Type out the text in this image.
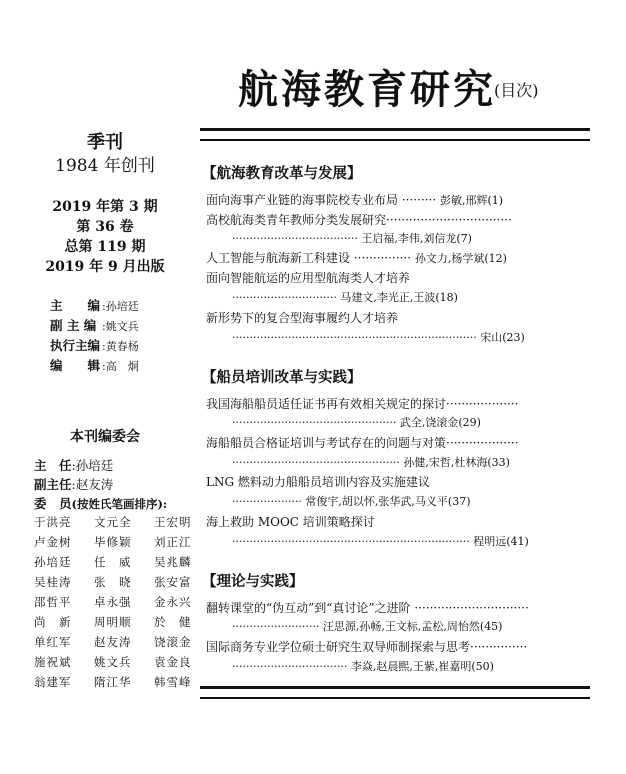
航海教育研究
(目次)
季刊
1984 年创刊
2019 年第 3 期
第 36 卷
总第 119 期
2019 年 9 月出版
主　　编 :孙培廷
副 主 编 :姚文兵
执行主编 :黄春杨
编　　辑 :高　炯
本刊编委会
主　任:孙培廷
副主任:赵友涛
委　员(按姓氏笔画排序):
于洪亮 文元全 王宏明
卢金树 毕修颖 刘正江
孙培廷 任　威 吴兆麟
吴桂涛 张　晓 张安富
邵哲平 卓永强 金永兴
尚　新 周明顺 於　健
单红军 赵友涛 饶滚金
施祝斌 姚文兵 袁金良
翁建军 隋江华 韩雪峰
【航海教育改革与发展】
面向海事产业链的海事院校专业布局 ········· 彭敏,邢辉(1)
高校航海类青年教师分类发展研究·································
···································· 王启福,李伟,刘信龙(7)
人工智能与航海新工科建设 ··············· 孙文力,杨学斌(12)
面向智能航运的应用型航海类人才培养
······························ 马建文,李光正,王波(18)
新形势下的复合型海事履约人才培养
······································································ 宋山(23)
【船员培训改革与实践】
我国海船船员适任证书再有效相关规定的探讨···················
··············································· 武全,饶滚金(29)
海船船员合格证培训与考试存在的问题与对策···················
················································ 孙健,宋哲,杜林海(33)
LNG 燃料动力船船员培训内容及实施建议
···················· 常俊宇,胡以怀,张华武,马义平(37)
海上救助 MOOC 培训策略探讨
···································································· 程明远(41)
【理论与实践】
翻转课堂的“伪互动”到“真讨论”之进阶 ······························
························· 汪思源,孙畅,王文标,孟松,周怡然(45)
国际商务专业学位硕士研究生双导师制探索与思考···············
································· 李焱,赵晨熙,王紫,崔嘉明(50)
